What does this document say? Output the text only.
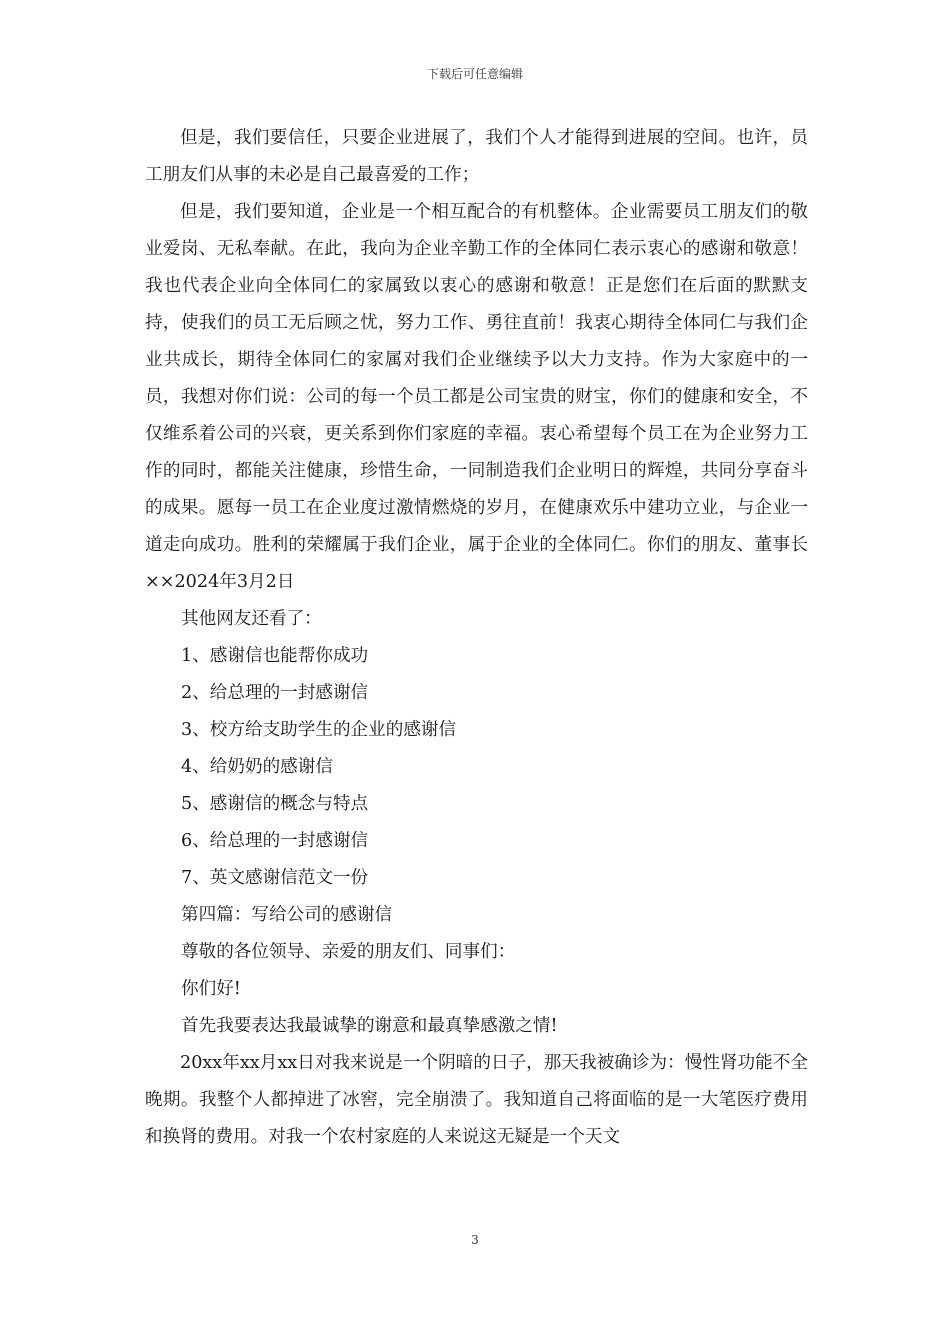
下载后可任意编辑

但是，我们要信任，只要企业进展了，我们个人才能得到进展的空间。也许，员工朋友们从事的未必是自己最喜爱的工作；

但是，我们要知道，企业是一个相互配合的有机整体。企业需要员工朋友们的敬业爱岗、无私奉献。在此，我向为企业辛勤工作的全体同仁表示衷心的感谢和敬意！我也代表企业向全体同仁的家属致以衷心的感谢和敬意！正是您们在后面的默默支持，使我们的员工无后顾之忧，努力工作、勇往直前！我衷心期待全体同仁与我们企业共成长，期待全体同仁的家属对我们企业继续予以大力支持。作为大家庭中的一员，我想对你们说：公司的每一个员工都是公司宝贵的财宝，你们的健康和安全，不仅维系着公司的兴衰，更关系到你们家庭的幸福。衷心希望每个员工在为企业努力工作的同时，都能关注健康，珍惜生命，一同制造我们企业明日的辉煌，共同分享奋斗的成果。愿每一员工在企业度过激情燃烧的岁月，在健康欢乐中建功立业，与企业一道走向成功。胜利的荣耀属于我们企业，属于企业的全体同仁。你们的朋友、董事长××2024年3月2日

其他网友还看了：

1、感谢信也能帮你成功

2、给总理的一封感谢信

3、校方给支助学生的企业的感谢信

4、给奶奶的感谢信

5、感谢信的概念与特点

6、给总理的一封感谢信

7、英文感谢信范文一份

第四篇：写给公司的感谢信

尊敬的各位领导、亲爱的朋友们、同事们：

你们好!

首先我要表达我最诚挚的谢意和最真挚感激之情!

20xx年xx月xx日对我来说是一个阴暗的日子，那天我被确诊为：慢性肾功能不全晚期。我整个人都掉进了冰窖，完全崩溃了。我知道自己将面临的是一大笔医疗费用和换肾的费用。对我一个农村家庭的人来说这无疑是一个天文

3
